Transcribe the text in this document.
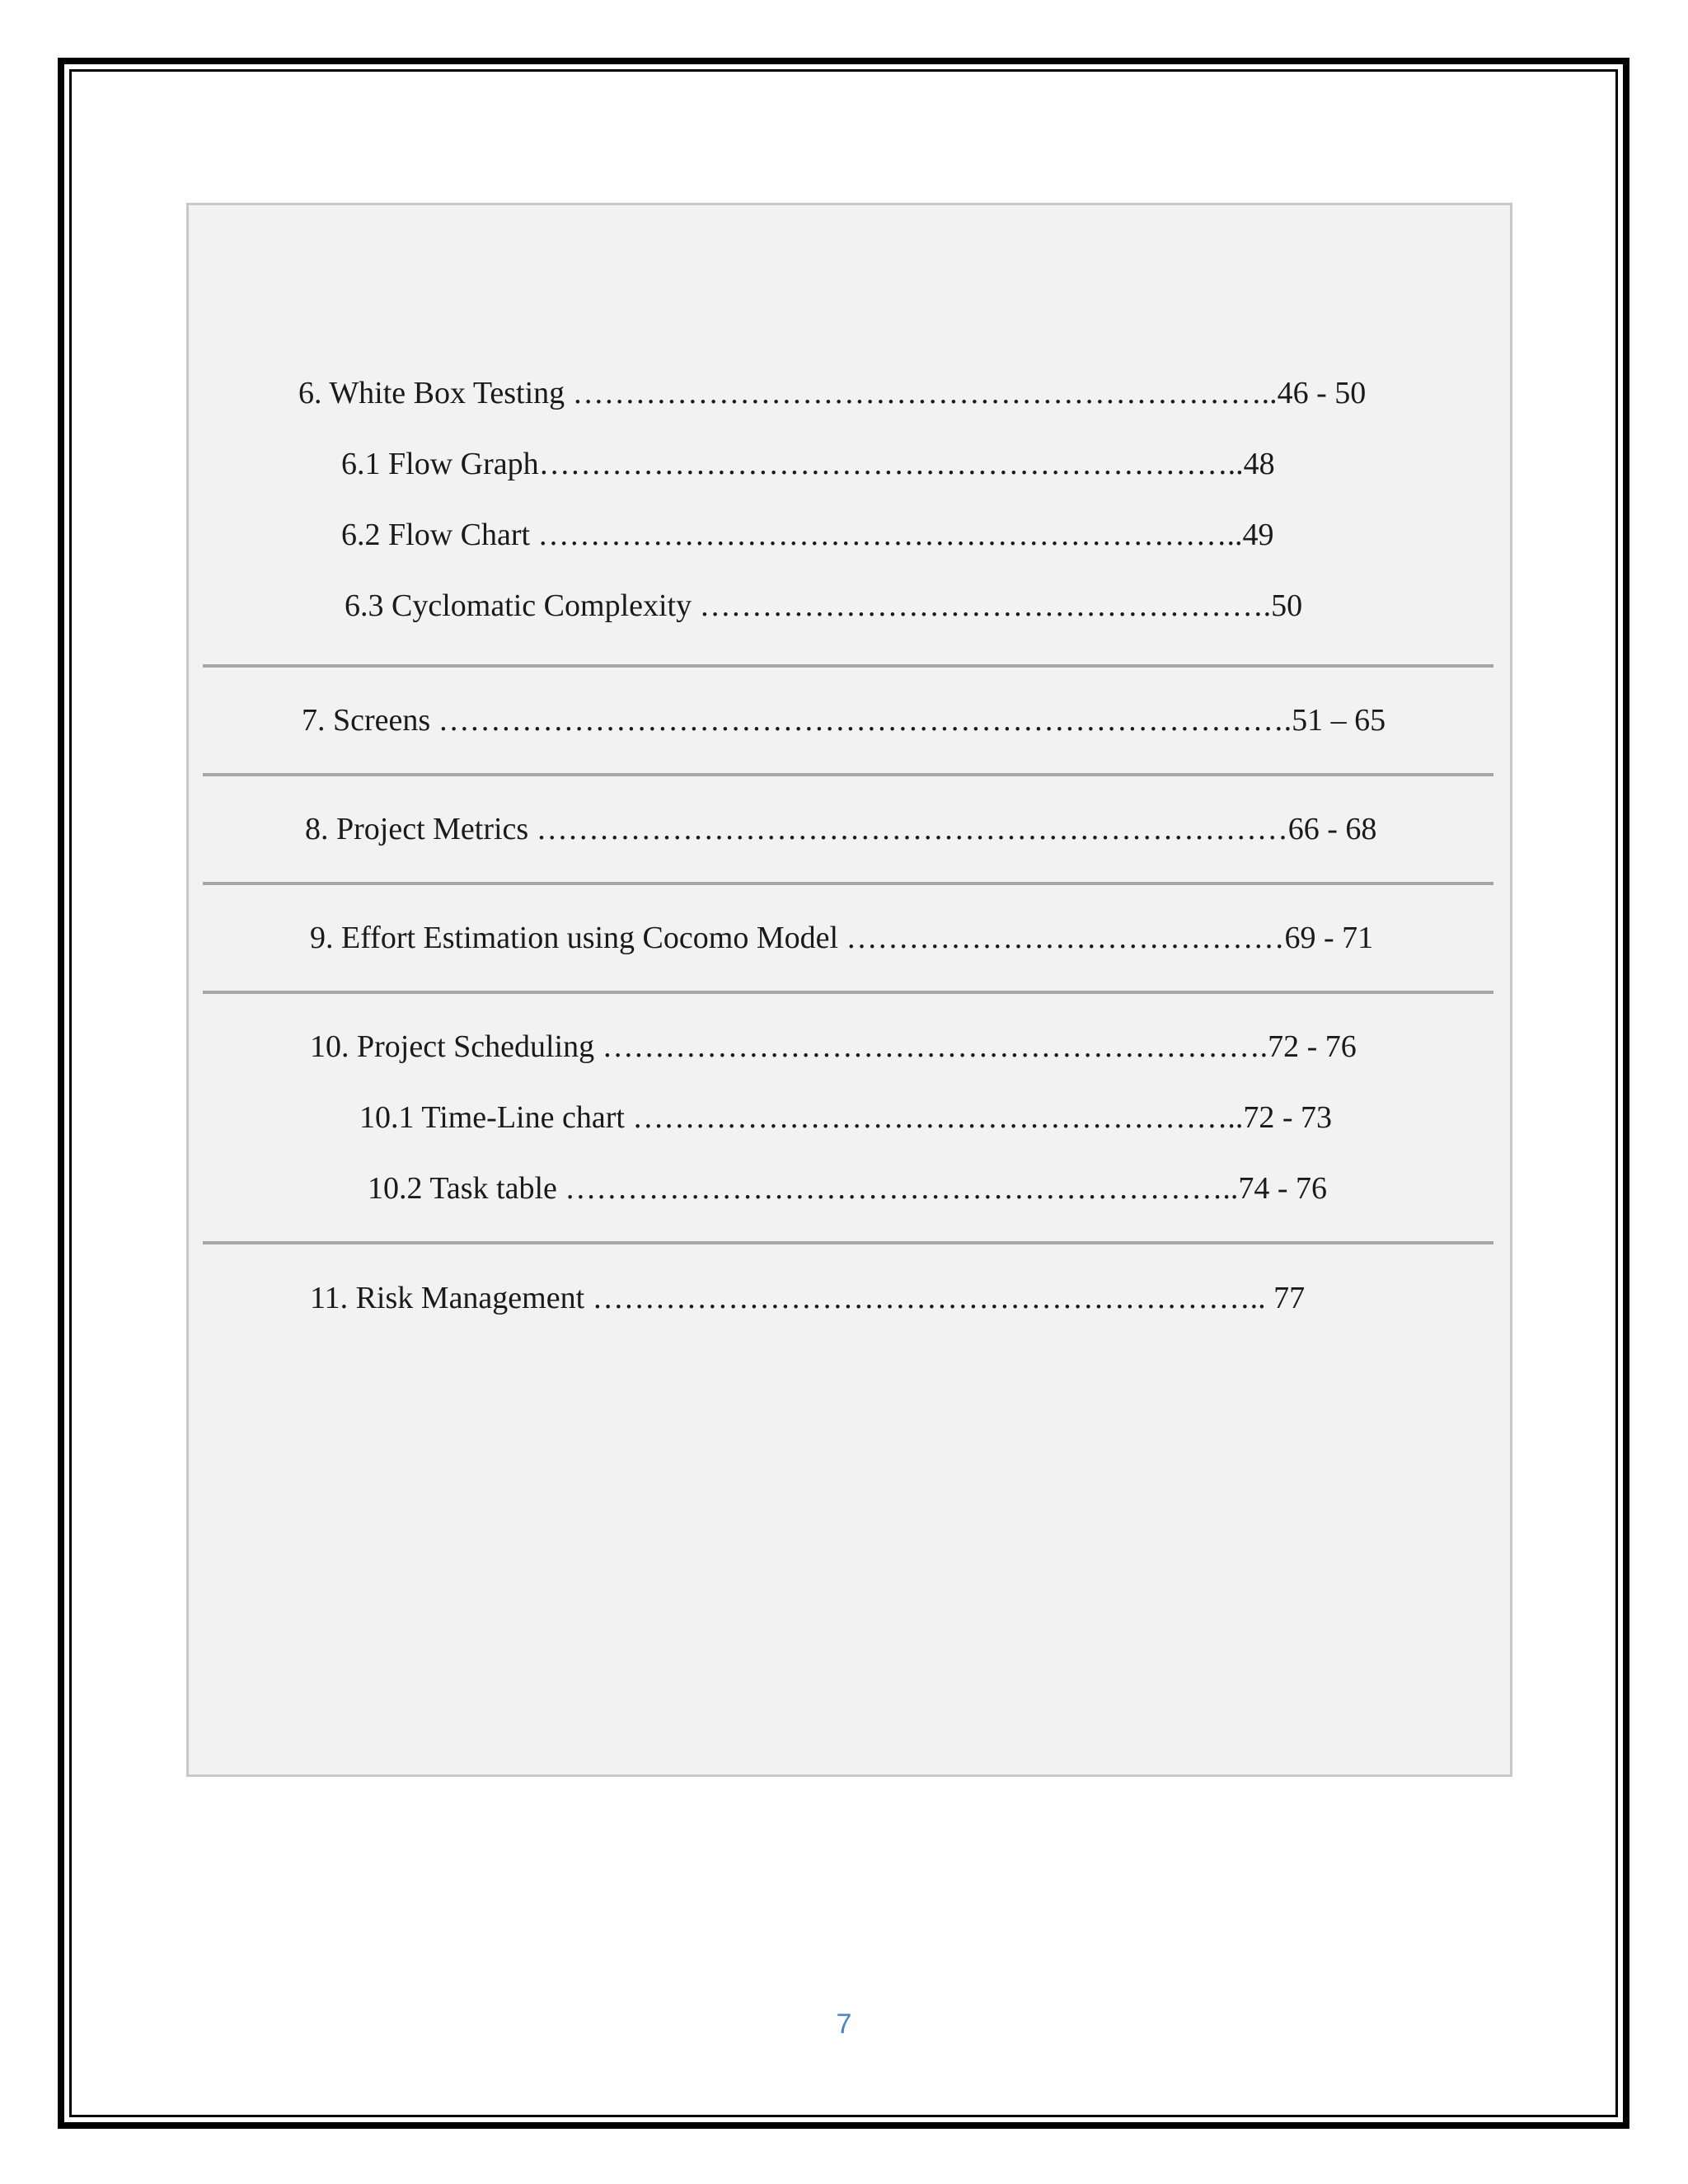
6. White Box Testing …………………………………………………………..46 - 50
6.1 Flow Graph…………………………………………………………..48
6.2 Flow Chart …………………………………………………………..49
6.3 Cyclomatic Complexity ……………………………………………….50
7. Screens ……………………………………………………………………….51 – 65
8. Project Metrics ………………………………………………………………66 - 68
9. Effort Estimation using Cocomo Model ……………………………………69 - 71
10. Project Scheduling ……………………………………………………….72 - 76
10.1 Time-Line chart …………………………………………………..72 - 73
10.2 Task table ………………………………………………………..74 - 76
11. Risk Management ……………………………………………………….. 77
7
